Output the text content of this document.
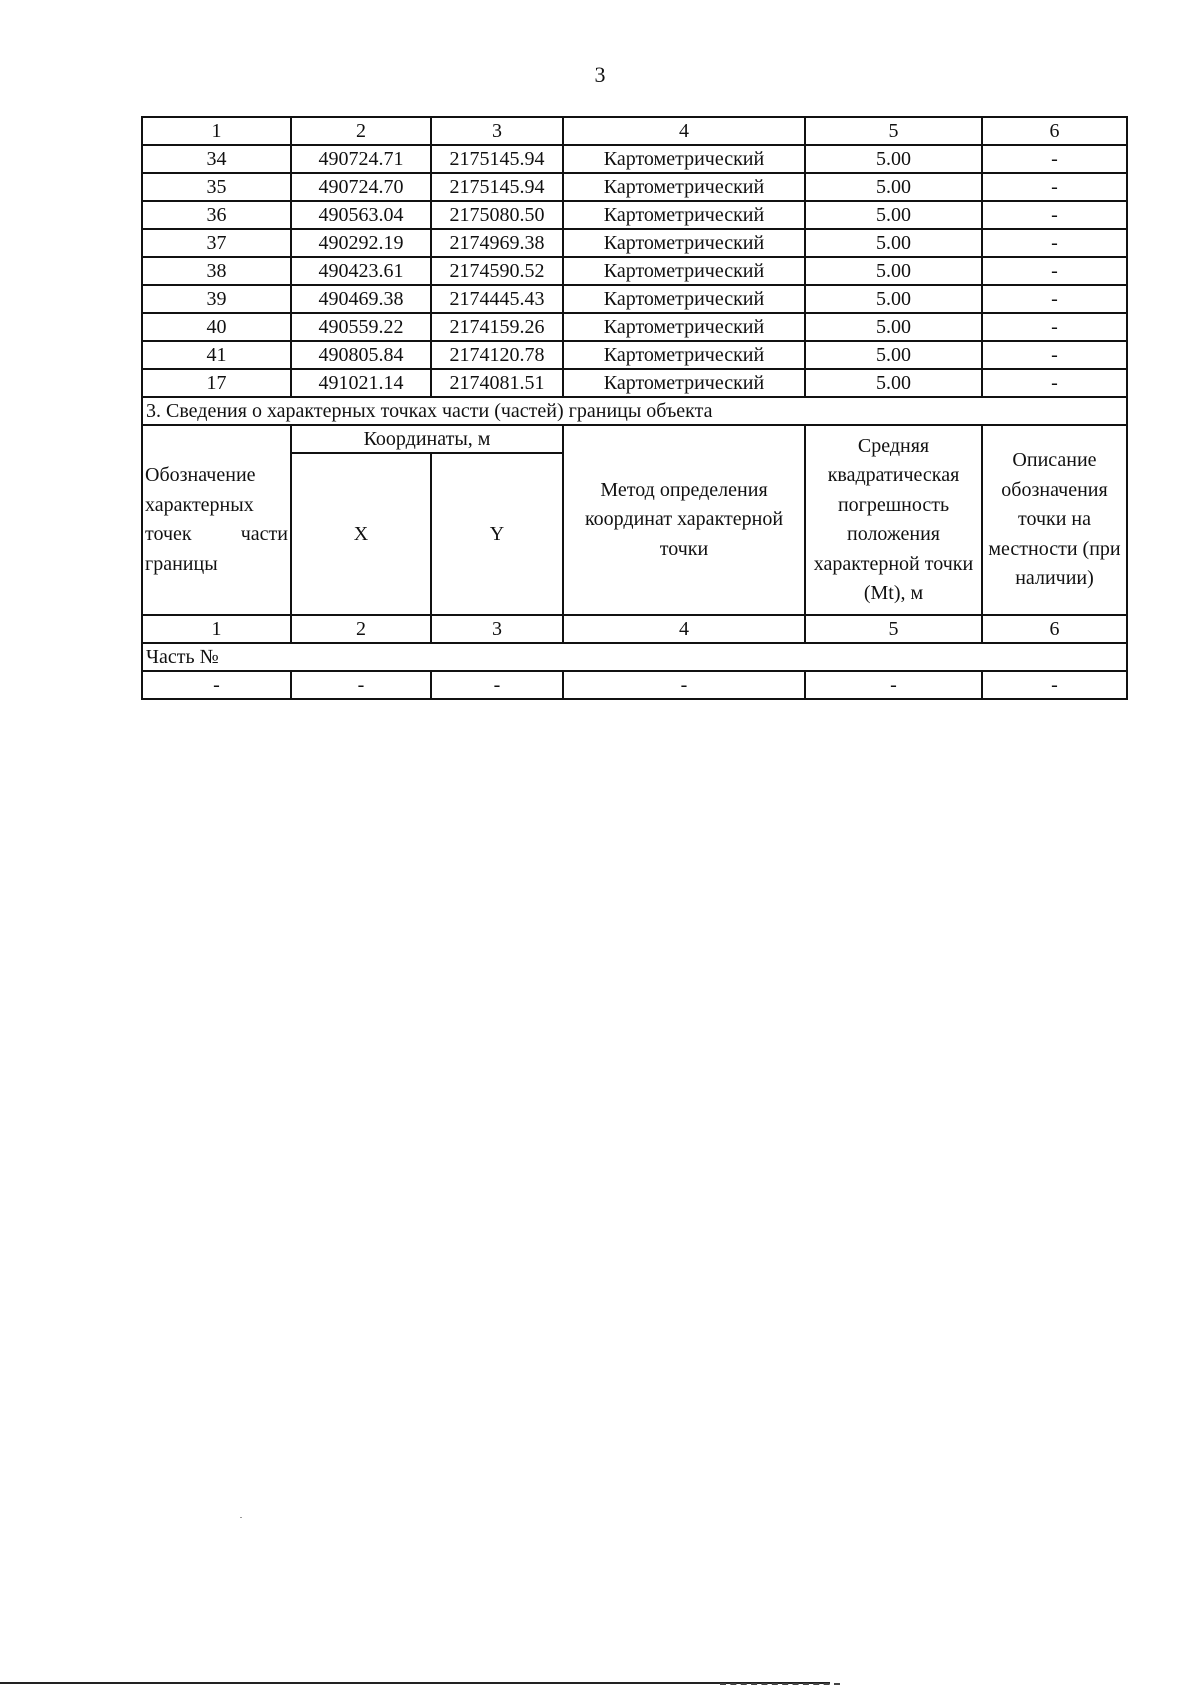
3
1	2	3	4	5	6
34	490724.71	2175145.94	Картометрический	5.00	-
35	490724.70	2175145.94	Картометрический	5.00	-
36	490563.04	2175080.50	Картометрический	5.00	-
37	490292.19	2174969.38	Картометрический	5.00	-
38	490423.61	2174590.52	Картометрический	5.00	-
39	490469.38	2174445.43	Картометрический	5.00	-
40	490559.22	2174159.26	Картометрический	5.00	-
41	490805.84	2174120.78	Картометрический	5.00	-
17	491021.14	2174081.51	Картометрический	5.00	-
3. Сведения о характерных точках части (частей) границы объекта					
Обозначение характерных точек части границы	Координаты, м		Метод определения координат характерной точки	Средняя квадратическая погрешность положения характерной точки (Mt), м	Описание обозначения точки на местности (при наличии)
	X	Y			
1	2	3	4	5	6
Часть №					
-	-	-	-	-	-
